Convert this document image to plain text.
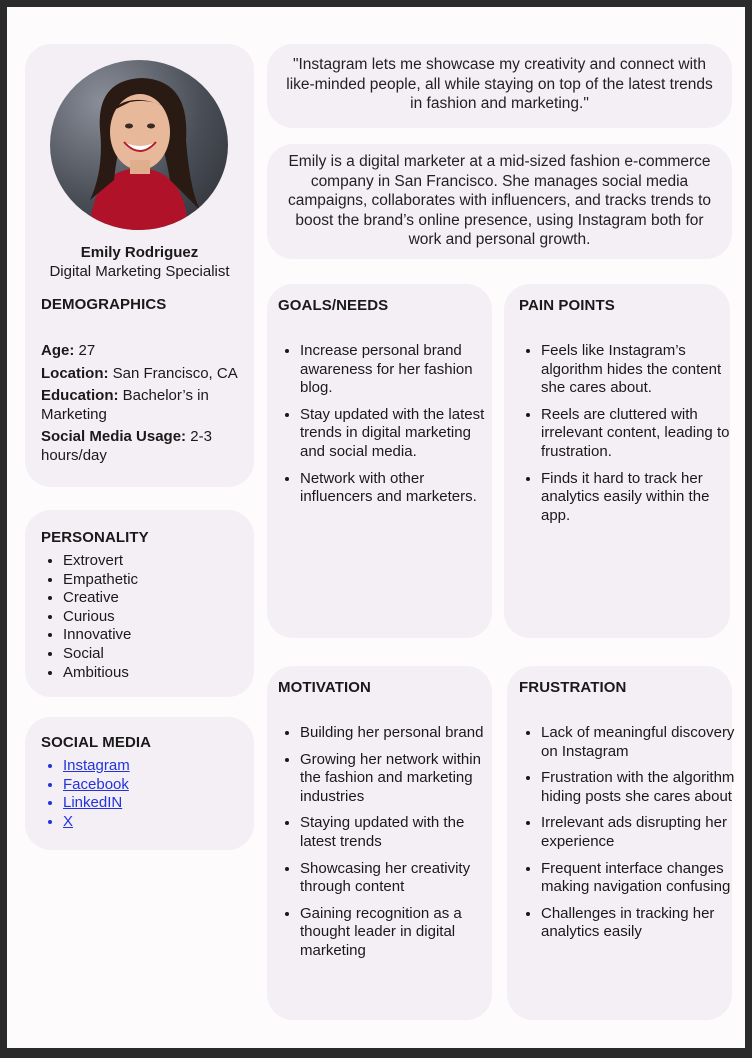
Emily Rodriguez
Digital Marketing Specialist
DEMOGRAPHICS

Age: 27

Location: San Francisco, CA

Education: Bachelor’s in Marketing

Social Media Usage: 2-3 hours/day

PERSONALITY
• Extrovert
• Empathetic
• Creative
• Curious
• Innovative
• Social
• Ambitious
SOCIAL MEDIA
• Instagram
• Facebook
• LinkedIN
• X
"Instagram lets me showcase my creativity and connect with like-minded people, all while staying on top of the latest trends in fashion and marketing."
Emily is a digital marketer at a mid-sized fashion e-commerce company in San Francisco. She manages social media campaigns, collaborates with influencers, and tracks trends to boost the brand’s online presence, using Instagram both for work and personal growth.
GOALS/NEEDS
• Increase personal brand awareness for her fashion blog.
• Stay updated with the latest trends in digital marketing and social media.
• Network with other influencers and marketers.
PAIN POINTS
• Feels like Instagram’s algorithm hides the content she cares about.
• Reels are cluttered with irrelevant content, leading to frustration.
• Finds it hard to track her analytics easily within the app.
MOTIVATION
• Building her personal brand
• Growing her network within the fashion and marketing industries
• Staying updated with the latest trends
• Showcasing her creativity through content
• Gaining recognition as a thought leader in digital marketing
FRUSTRATION
• Lack of meaningful discovery on Instagram
• Frustration with the algorithm hiding posts she cares about
• Irrelevant ads disrupting her experience
• Frequent interface changes making navigation confusing
• Challenges in tracking her analytics easily
